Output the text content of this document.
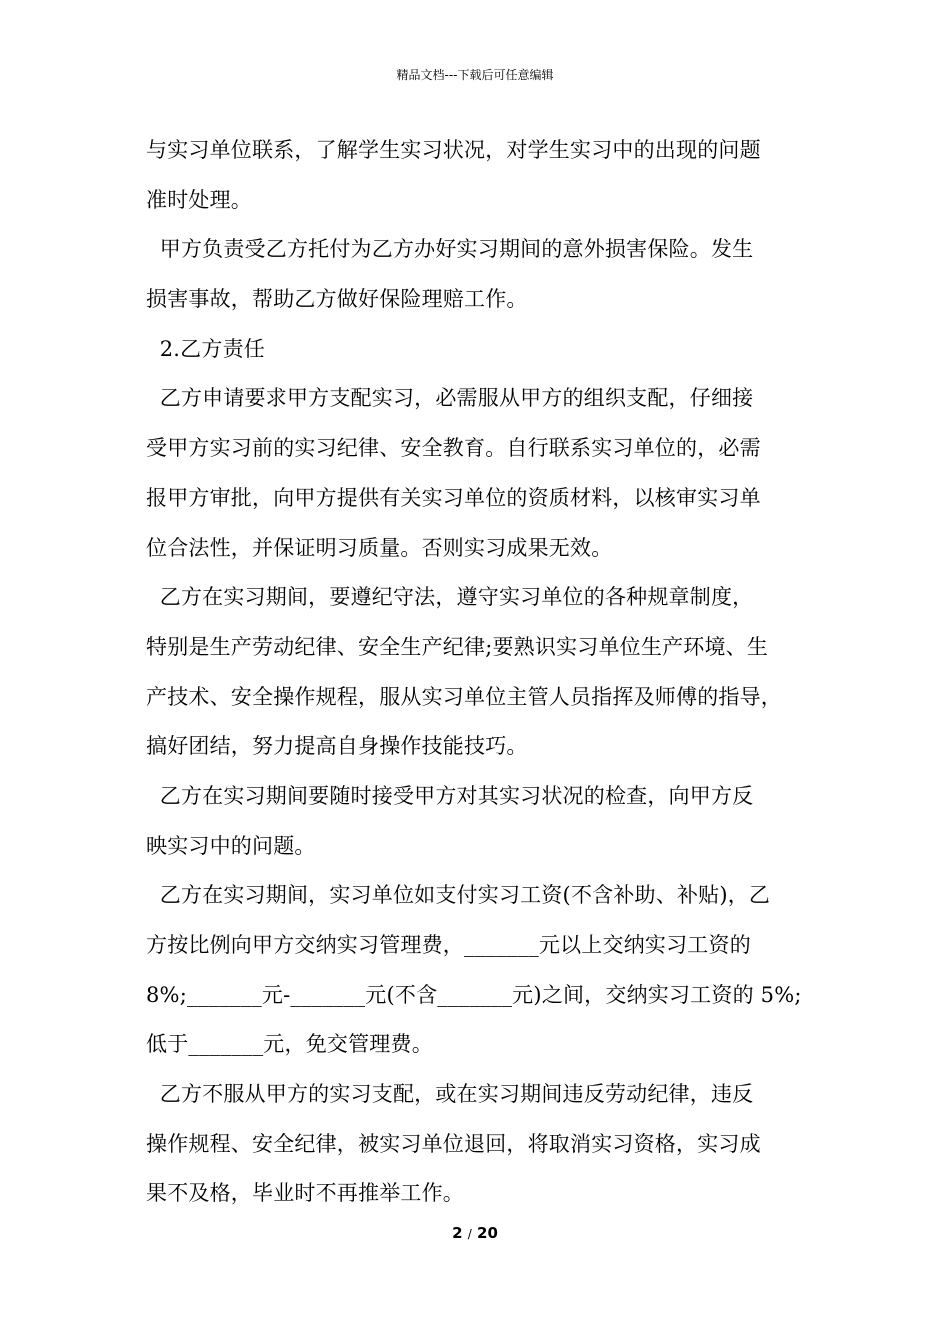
精品文档---下载后可任意编辑
与实习单位联系，了解学生实习状况，对学生实习中的出现的问题
准时处理。
甲方负责受乙方托付为乙方办好实习期间的意外损害保险。发生
损害事故，帮助乙方做好保险理赔工作。
2.乙方责任
乙方申请要求甲方支配实习，必需服从甲方的组织支配，仔细接
受甲方实习前的实习纪律、安全教育。自行联系实习单位的，必需
报甲方审批，向甲方提供有关实习单位的资质材料，以核审实习单
位合法性，并保证明习质量。否则实习成果无效。
乙方在实习期间，要遵纪守法，遵守实习单位的各种规章制度，
特别是生产劳动纪律、安全生产纪律;要熟识实习单位生产环境、生
产技术、安全操作规程，服从实习单位主管人员指挥及师傅的指导，
搞好团结，努力提高自身操作技能技巧。
乙方在实习期间要随时接受甲方对其实习状况的检查，向甲方反
映实习中的问题。
乙方在实习期间，实习单位如支付实习工资(不含补助、补贴)，乙
方按比例向甲方交纳实习管理费，_______元以上交纳实习工资的
8%;_______元-_______元(不含_______元)之间，交纳实习工资的 5%;
低于_______元，免交管理费。
乙方不服从甲方的实习支配，或在实习期间违反劳动纪律，违反
操作规程、安全纪律，被实习单位退回，将取消实习资格，实习成
果不及格，毕业时不再推举工作。
2 / 20
